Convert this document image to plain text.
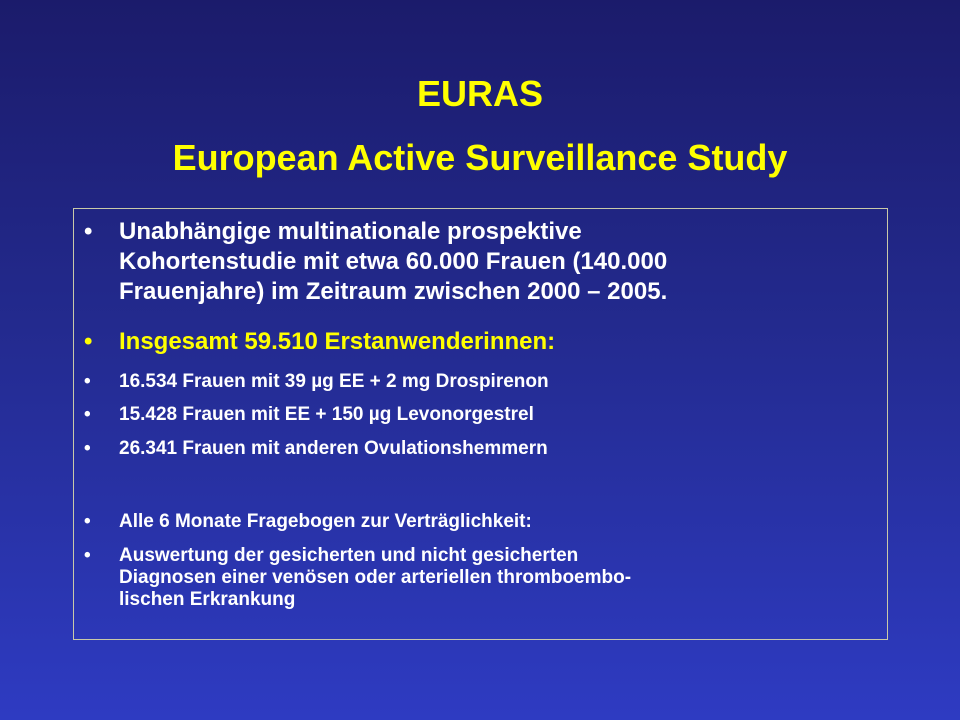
EURAS
European Active Surveillance Study
• Unabhängige multinationale prospektive
Kohortenstudie mit etwa 60.000 Frauen (140.000
Frauenjahre) im Zeitraum zwischen 2000 – 2005.
• Insgesamt 59.510 Erstanwenderinnen:
• 16.534 Frauen mit 39 µg EE + 2 mg Drospirenon
• 15.428 Frauen mit EE + 150 µg Levonorgestrel
• 26.341 Frauen mit anderen Ovulationshemmern
• Alle 6 Monate Fragebogen zur Verträglichkeit:
• Auswertung der gesicherten und nicht gesicherten
Diagnosen einer venösen oder arteriellen thromboembo-
lischen Erkrankung
